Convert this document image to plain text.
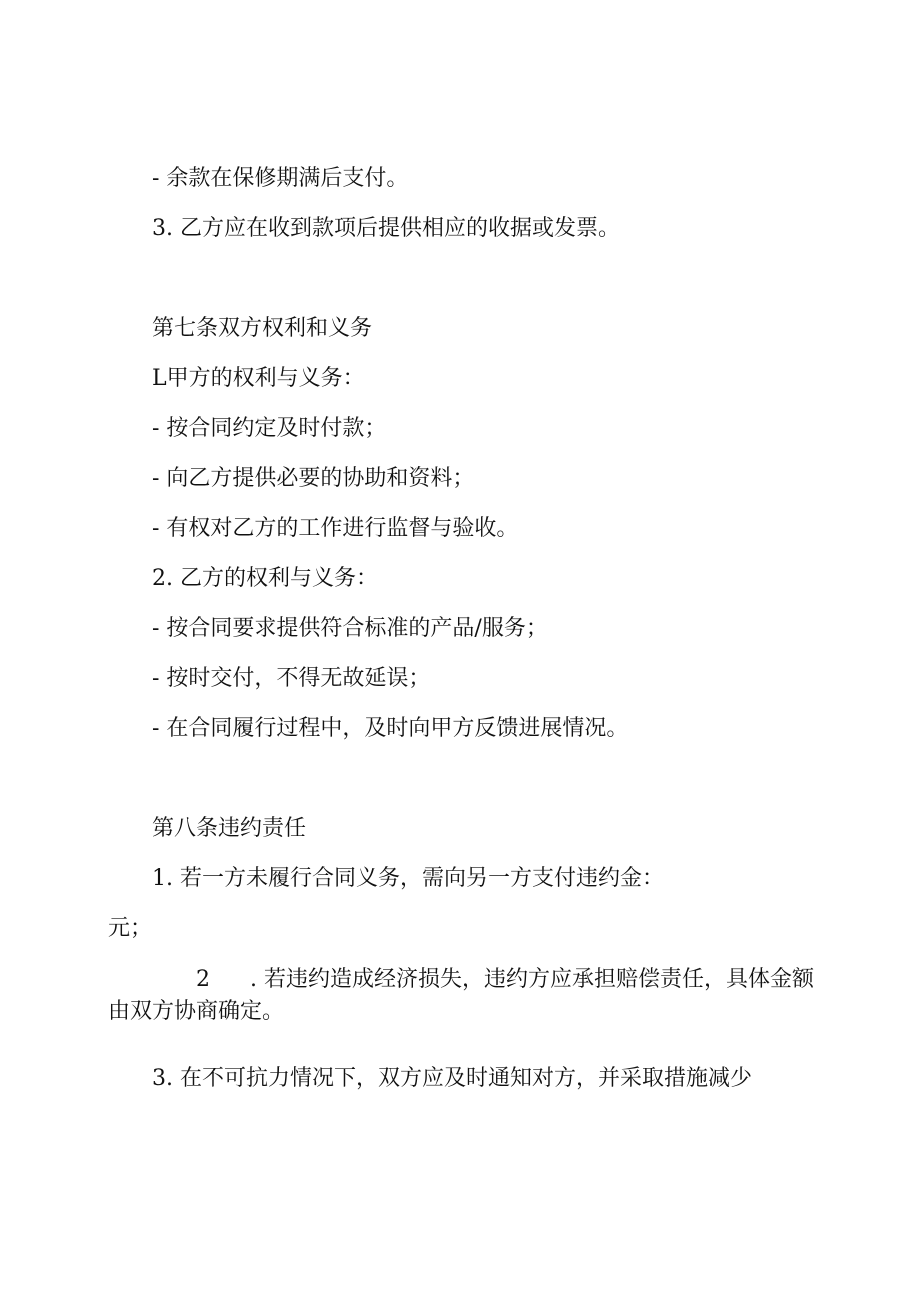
- 余款在保修期满后支付。

3. 乙方应在收到款项后提供相应的收据或发票。

第七条双方权利和义务

L甲方的权利与义务：

- 按合同约定及时付款；

- 向乙方提供必要的协助和资料；

- 有权对乙方的工作进行监督与验收。

2. 乙方的权利与义务：

- 按合同要求提供符合标准的产品/服务；

- 按时交付，不得无故延误；

- 在合同履行过程中，及时向甲方反馈进展情况。

第八条违约责任

1. 若一方未履行合同义务，需向另一方支付违约金：

元；

2 . 若违约造成经济损失，违约方应承担赔偿责任，具体金额由双方协商确定。

3. 在不可抗力情况下，双方应及时通知对方，并采取措施减少
